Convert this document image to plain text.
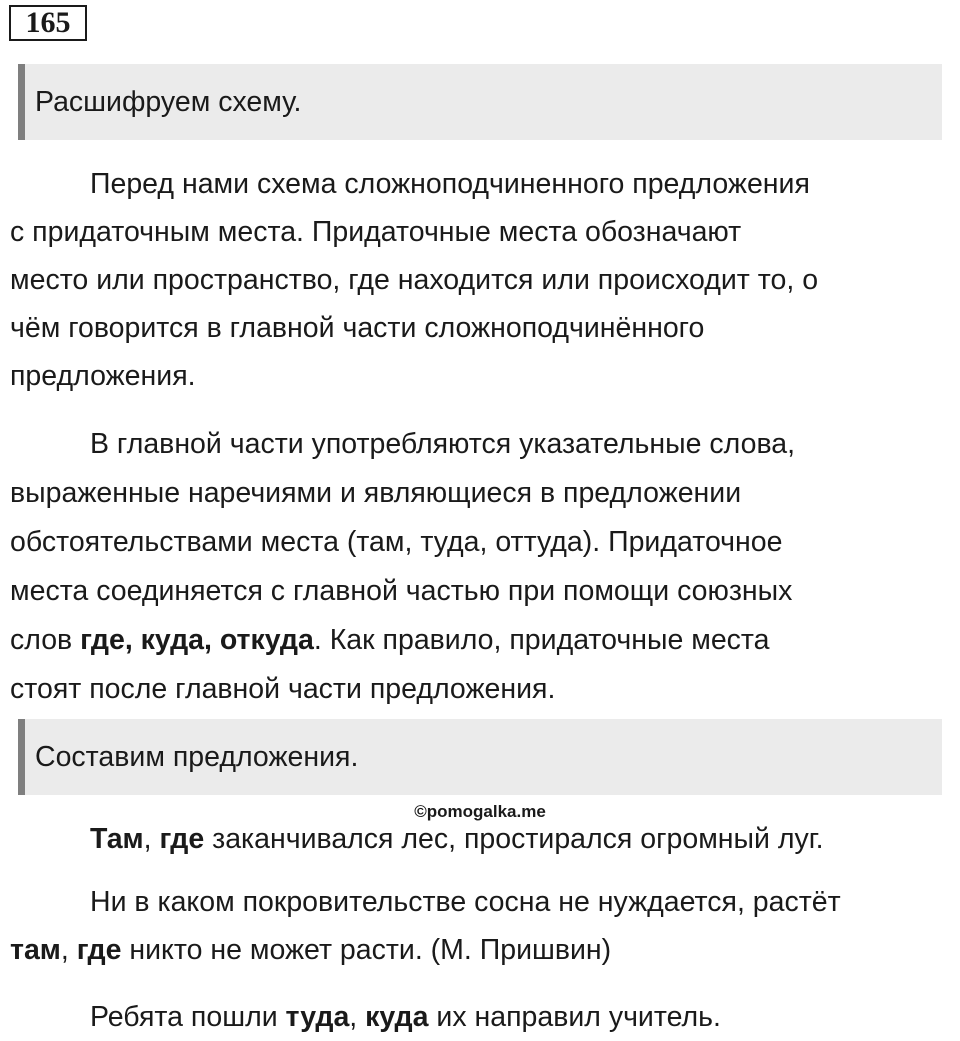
165
Расшифруем схему.
Перед нами схема сложноподчиненного предложения
с придаточным места. Придаточные места обозначают
место или пространство, где находится или происходит то, о
чём говорится в главной части сложноподчинённого
предложения.
В главной части употребляются указательные слова,
выраженные наречиями и являющиеся в предложении
обстоятельствами места (там, туда, оттуда). Придаточное
места соединяется с главной частью при помощи союзных
слов где, куда, откуда. Как правило, придаточные места
стоят после главной части предложения.
Составим предложения.
©pomogalka.me
Там, где заканчивался лес, простирался огромный луг.
Ни в каком покровительстве сосна не нуждается, растёт
там, где никто не может расти. (М. Пришвин)
Ребята пошли туда, куда их направил учитель.
